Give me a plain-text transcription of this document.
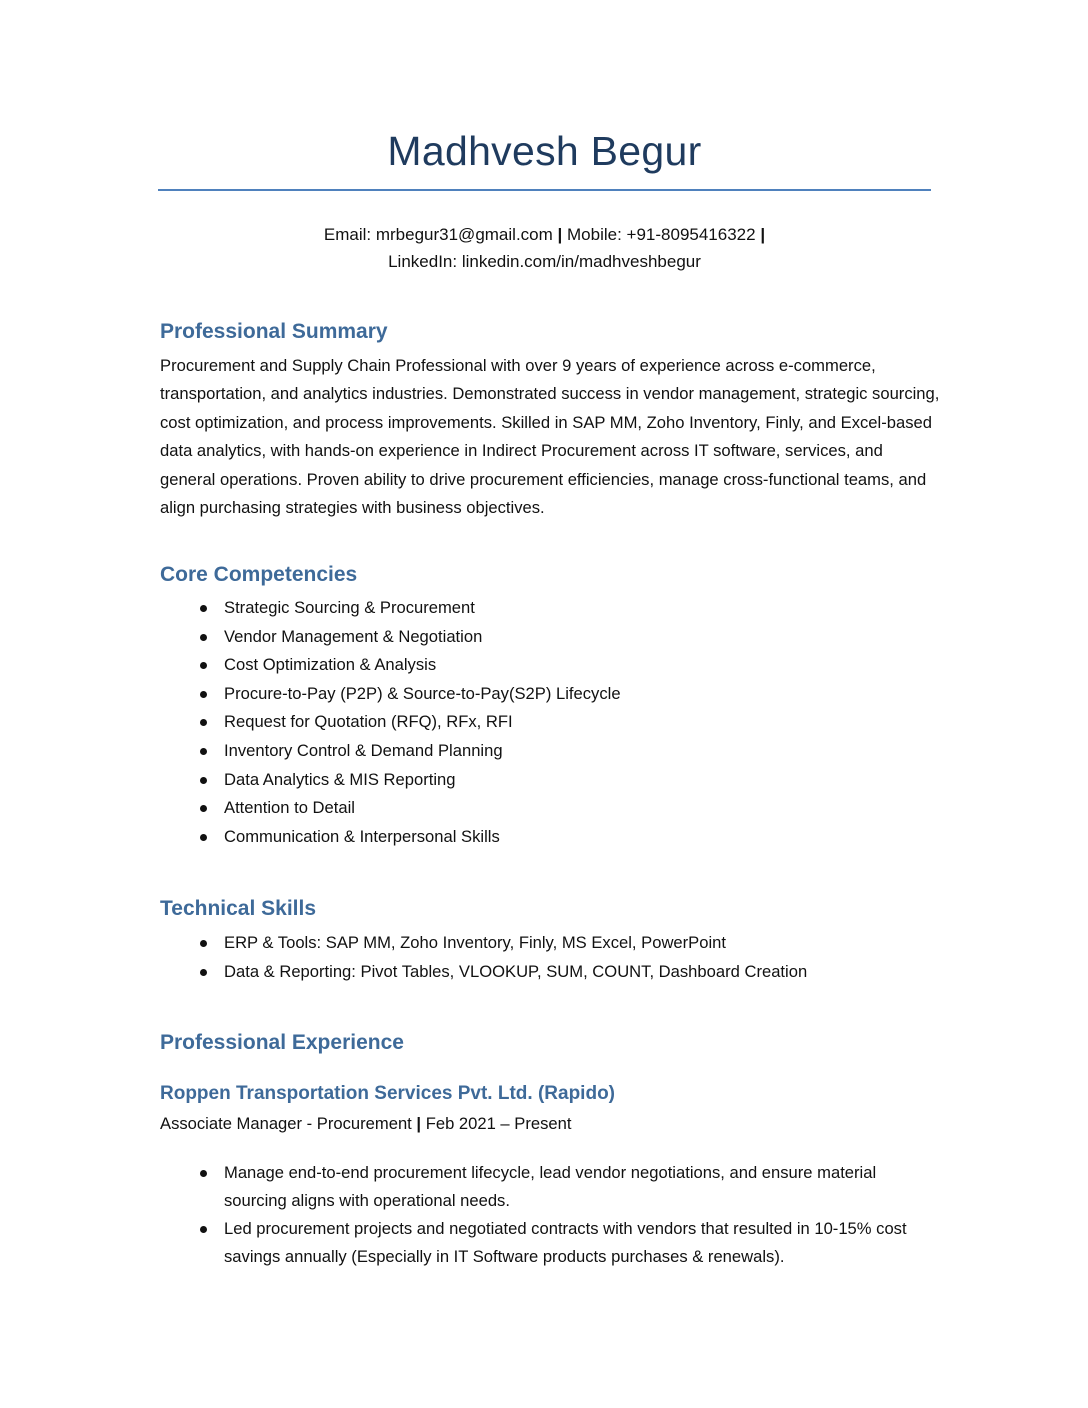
Madhvesh Begur
Email: mrbegur31@gmail.com | Mobile: +91-8095416322 |
LinkedIn: linkedin.com/in/madhveshbegur
Professional Summary

Procurement and Supply Chain Professional with over 9 years of experience across e-commerce, transportation, and analytics industries. Demonstrated success in vendor management, strategic sourcing, cost optimization, and process improvements. Skilled in SAP MM, Zoho Inventory, Finly, and Excel-based data analytics, with hands-on experience in Indirect Procurement across IT software, services, and general operations. Proven ability to drive procurement efficiencies, manage cross-functional teams, and align purchasing strategies with business objectives.

Core Competencies
Strategic Sourcing & Procurement
Vendor Management & Negotiation
Cost Optimization & Analysis
Procure-to-Pay (P2P) & Source-to-Pay(S2P) Lifecycle
Request for Quotation (RFQ), RFx, RFI
Inventory Control & Demand Planning
Data Analytics & MIS Reporting
Attention to Detail
Communication & Interpersonal Skills
Technical Skills
ERP & Tools: SAP MM, Zoho Inventory, Finly, MS Excel, PowerPoint
Data & Reporting: Pivot Tables, VLOOKUP, SUM, COUNT, Dashboard Creation
Professional Experience
Roppen Transportation Services Pvt. Ltd. (Rapido)
Associate Manager - Procurement | Feb 2021 – Present
Manage end-to-end procurement lifecycle, lead vendor negotiations, and ensure material sourcing aligns with operational needs.
Led procurement projects and negotiated contracts with vendors that resulted in 10-15% cost savings annually (Especially in IT Software products purchases & renewals).
